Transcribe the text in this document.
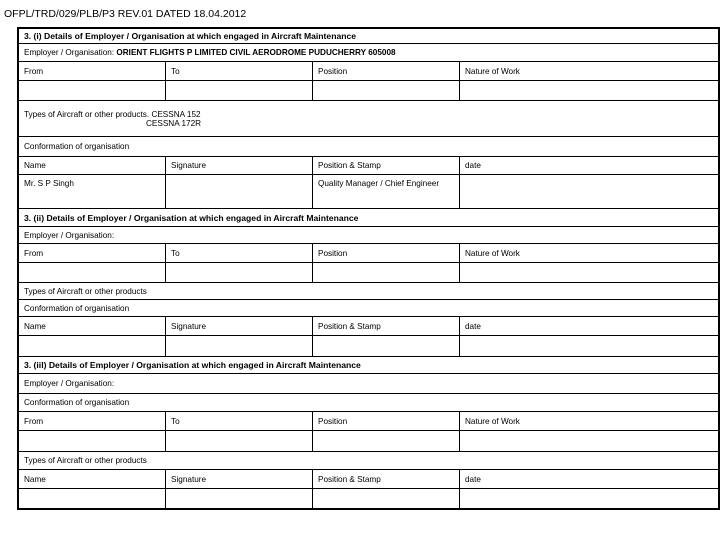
OFPL/TRD/029/PLB/P3 REV.01 DATED 18.04.2012
3. (i) Details of Employer / Organisation at which engaged in Aircraft Maintenance			
Employer / Organisation: ORIENT FLIGHTS P LIMITED CIVIL AERODROME PUDUCHERRY 605008			
From	To	Position	Nature of Work

Types of Aircraft or other products. CESSNA 152
CESSNA 172R			

Conformation of organisation			
Name	Signature	Position & Stamp	date
Mr. S P Singh		Quality Manager / Chief Engineer	
3. (ii) Details of Employer / Organisation at which engaged in Aircraft Maintenance			
Employer / Organisation:			
From	To	Position	Nature of Work

Types of Aircraft or other products			
Conformation of organisation			
Name	Signature	Position & Stamp	date

3. (iil) Details of Employer / Organisation at which engaged in Aircraft Maintenance			
Employer / Organisation:			
Conformation of organisation			
From	To	Position	Nature of Work

Types of Aircraft or other products			
Name	Signature	Position & Stamp	date
